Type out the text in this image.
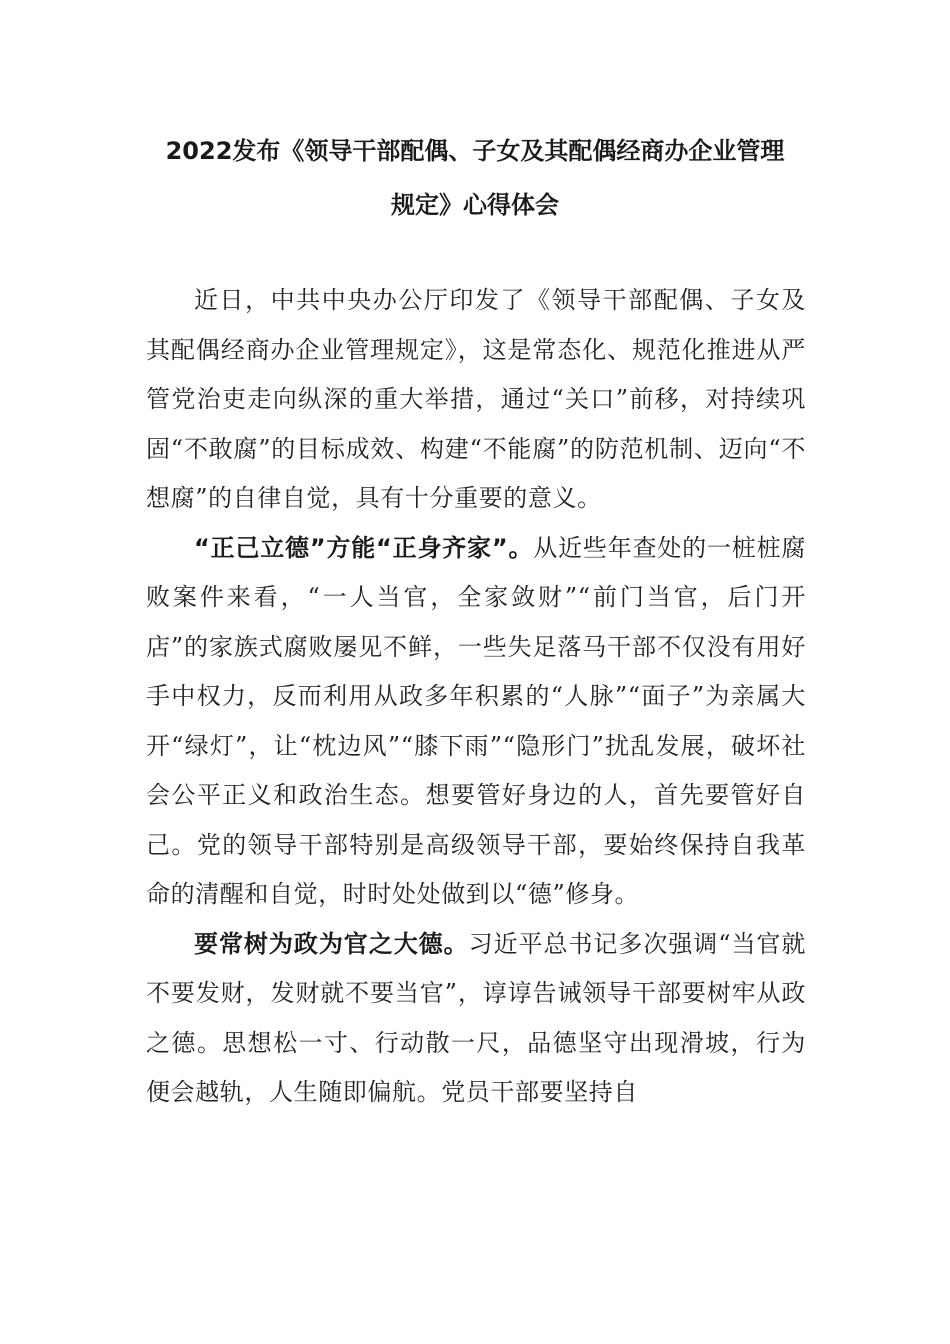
2022发布《领导干部配偶、子女及其配偶经商办企业管理
规定》心得体会

近日，中共中央办公厅印发了《领导干部配偶、子女及其配偶经商办企业管理规定》，这是常态化、规范化推进从严管党治吏走向纵深的重大举措，通过“关口”前移，对持续巩固“不敢腐”的目标成效、构建“不能腐”的防范机制、迈向“不想腐”的自律自觉，具有十分重要的意义。

“正己立德”方能“正身齐家”。从近些年查处的一桩桩腐败案件来看，“一人当官，全家敛财”“前门当官，后门开店”的家族式腐败屡见不鲜，一些失足落马干部不仅没有用好手中权力，反而利用从政多年积累的“人脉”“面子”为亲属大开“绿灯”，让“枕边风”“膝下雨”“隐形门”扰乱发展，破坏社会公平正义和政治生态。想要管好身边的人，首先要管好自己。党的领导干部特别是高级领导干部，要始终保持自我革命的清醒和自觉，时时处处做到以“德”修身。

要常树为政为官之大德。习近平总书记多次强调“当官就不要发财，发财就不要当官”，谆谆告诫领导干部要树牢从政之德。思想松一寸、行动散一尺，品德坚守出现滑坡，行为便会越轨，人生随即偏航。党员干部要坚持自
